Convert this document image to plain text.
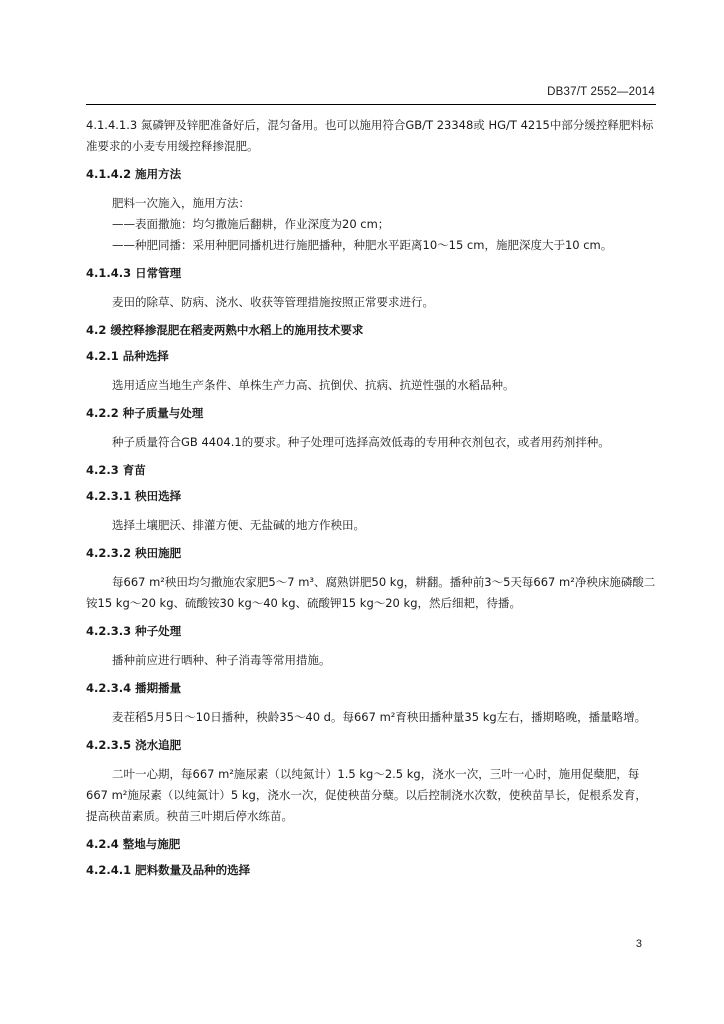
DB37/T 2552—2014

4.1.4.1.3 氮磷钾及锌肥准备好后，混匀备用。也可以施用符合GB/T 23348或 HG/T 4215中部分缓控释肥料标准要求的小麦专用缓控释掺混肥。

4.1.4.2 施用方法

肥料一次施入，施用方法：

——表面撒施：均匀撒施后翻耕，作业深度为20 cm；

——种肥同播：采用种肥同播机进行施肥播种，种肥水平距离10～15 cm，施肥深度大于10 cm。

4.1.4.3 日常管理

麦田的除草、防病、浇水、收获等管理措施按照正常要求进行。

4.2 缓控释掺混肥在稻麦两熟中水稻上的施用技术要求

4.2.1 品种选择

选用适应当地生产条件、单株生产力高、抗倒伏、抗病、抗逆性强的水稻品种。

4.2.2 种子质量与处理

种子质量符合GB 4404.1的要求。种子处理可选择高效低毒的专用种衣剂包衣，或者用药剂拌种。

4.2.3 育苗

4.2.3.1 秧田选择

选择土壤肥沃、排灌方便、无盐碱的地方作秧田。

4.2.3.2 秧田施肥

每667 m²秧田均匀撒施农家肥5～7 m³、腐熟饼肥50 kg，耕翻。播种前3～5天每667 m²净秧床施磷酸二铵15 kg～20 kg、硫酸铵30 kg～40 kg、硫酸钾15 kg～20 kg，然后细耙，待播。

4.2.3.3 种子处理

播种前应进行晒种、种子消毒等常用措施。

4.2.3.4 播期播量

麦茬稻5月5日～10日播种，秧龄35～40 d。每667 m²育秧田播种量35 kg左右，播期略晚，播量略增。

4.2.3.5 浇水追肥

二叶一心期，每667 m²施尿素（以纯氮计）1.5 kg～2.5 kg，浇水一次，三叶一心时，施用促蘖肥，每667 m²施尿素（以纯氮计）5 kg，浇水一次，促使秧苗分蘖。以后控制浇水次数，使秧苗旱长，促根系发育，提高秧苗素质。秧苗三叶期后停水练苗。

4.2.4 整地与施肥

4.2.4.1 肥料数量及品种的选择

3
